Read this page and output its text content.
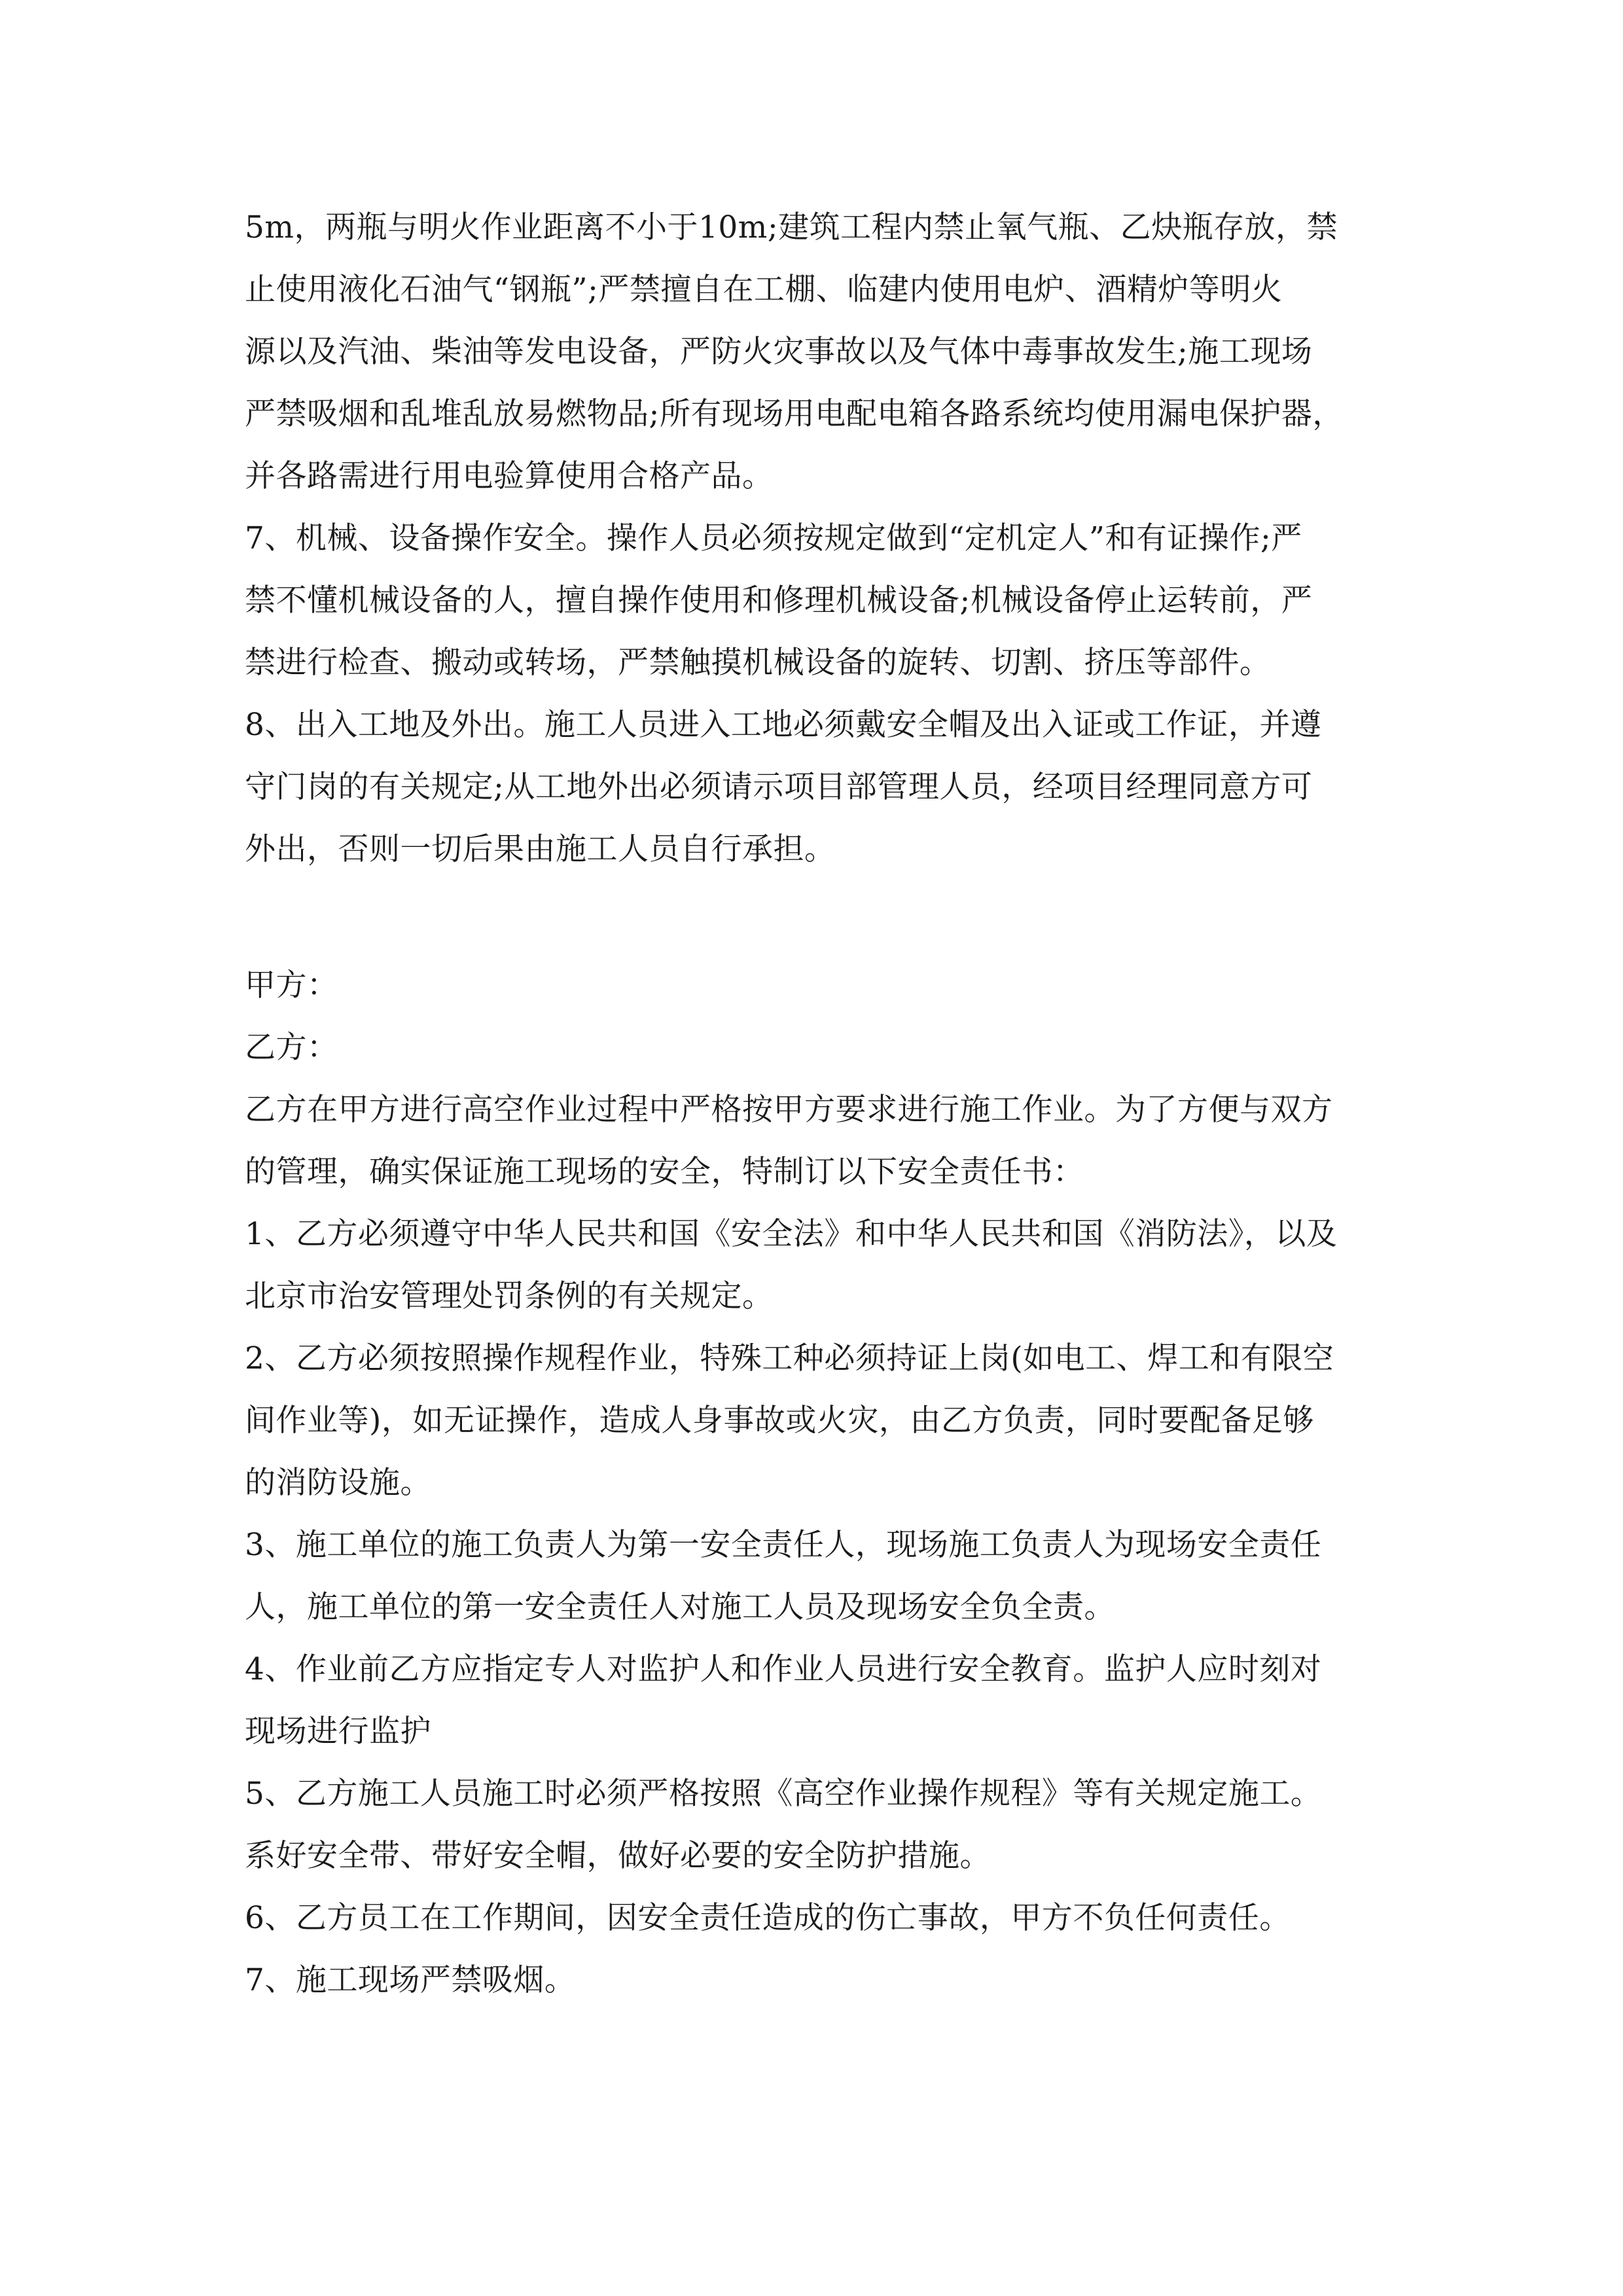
5m，两瓶与明火作业距离不小于10m;建筑工程内禁止氧气瓶、乙炔瓶存放，禁
止使用液化石油气“钢瓶”;严禁擅自在工棚、临建内使用电炉、酒精炉等明火
源以及汽油、柴油等发电设备，严防火灾事故以及气体中毒事故发生;施工现场
严禁吸烟和乱堆乱放易燃物品;所有现场用电配电箱各路系统均使用漏电保护器，
并各路需进行用电验算使用合格产品。
7、机械、设备操作安全。操作人员必须按规定做到“定机定人”和有证操作;严
禁不懂机械设备的人，擅自操作使用和修理机械设备;机械设备停止运转前，严
禁进行检查、搬动或转场，严禁触摸机械设备的旋转、切割、挤压等部件。
8、出入工地及外出。施工人员进入工地必须戴安全帽及出入证或工作证，并遵
守门岗的有关规定;从工地外出必须请示项目部管理人员，经项目经理同意方可
外出，否则一切后果由施工人员自行承担。
甲方：
乙方：
乙方在甲方进行高空作业过程中严格按甲方要求进行施工作业。为了方便与双方
的管理，确实保证施工现场的安全，特制订以下安全责任书：
1、乙方必须遵守中华人民共和国《安全法》和中华人民共和国《消防法》，以及
北京市治安管理处罚条例的有关规定。
2、乙方必须按照操作规程作业，特殊工种必须持证上岗(如电工、焊工和有限空
间作业等)，如无证操作，造成人身事故或火灾，由乙方负责，同时要配备足够
的消防设施。
3、施工单位的施工负责人为第一安全责任人，现场施工负责人为现场安全责任
人，施工单位的第一安全责任人对施工人员及现场安全负全责。
4、作业前乙方应指定专人对监护人和作业人员进行安全教育。监护人应时刻对
现场进行监护
5、乙方施工人员施工时必须严格按照《高空作业操作规程》等有关规定施工。
系好安全带、带好安全帽，做好必要的安全防护措施。
6、乙方员工在工作期间，因安全责任造成的伤亡事故，甲方不负任何责任。
7、施工现场严禁吸烟。
